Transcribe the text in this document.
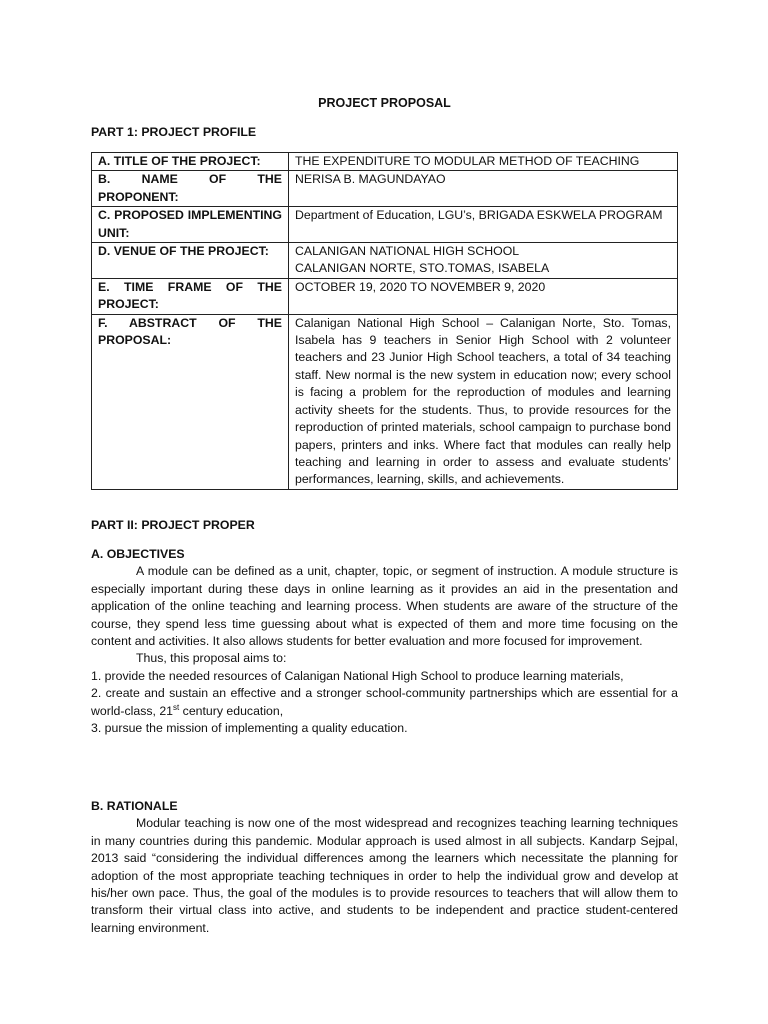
PROJECT PROPOSAL
PART 1: PROJECT PROFILE
A. TITLE OF THE PROJECT:	THE EXPENDITURE TO MODULAR METHOD OF TEACHING
B. NAME OF THE PROPONENT:	NERISA B. MAGUNDAYAO
C. PROPOSED IMPLEMENTING UNIT:	Department of Education, LGU’s, BRIGADA ESKWELA PROGRAM
D. VENUE OF THE PROJECT:	CALANIGAN NATIONAL HIGH SCHOOL
CALANIGAN NORTE, STO.TOMAS, ISABELA

E. TIME FRAME OF THE PROJECT:	OCTOBER 19, 2020 TO NOVEMBER 9, 2020
F. ABSTRACT OF THE PROPOSAL:	Calanigan National High School – Calanigan Norte, Sto. Tomas, Isabela has 9 teachers in Senior High School with 2 volunteer teachers and 23 Junior High School teachers, a total of 34 teaching staff. New normal is the new system in education now; every school is facing a problem for the reproduction of modules and learning activity sheets for the students. Thus, to provide resources for the reproduction of printed materials, school campaign to purchase bond papers, printers and inks. Where fact that modules can really help teaching and learning in order to assess and evaluate students’ performances, learning, skills, and achievements.
PART II: PROJECT PROPER
A. OBJECTIVES

A module can be defined as a unit, chapter, topic, or segment of instruction. A module structure is especially important during these days in online learning as it provides an aid in the presentation and application of the online teaching and learning process. When students are aware of the structure of the course, they spend less time guessing about what is expected of them and more time focusing on the content and activities. It also allows students for better evaluation and more focused for improvement.

Thus, this proposal aims to:

1. provide the needed resources of Calanigan National High School to produce learning materials,

2. create and sustain an effective and a stronger school-community partnerships which are essential for a world-class, 21st century education,

3. pursue the mission of implementing a quality education.

B. RATIONALE

Modular teaching is now one of the most widespread and recognizes teaching learning techniques in many countries during this pandemic. Modular approach is used almost in all subjects. Kandarp Sejpal, 2013 said “considering the individual differences among the learners which necessitate the planning for adoption of the most appropriate teaching techniques in order to help the individual grow and develop at his/her own pace. Thus, the goal of the modules is to provide resources to teachers that will allow them to transform their virtual class into active, and students to be independent and practice student-centered learning environment.
